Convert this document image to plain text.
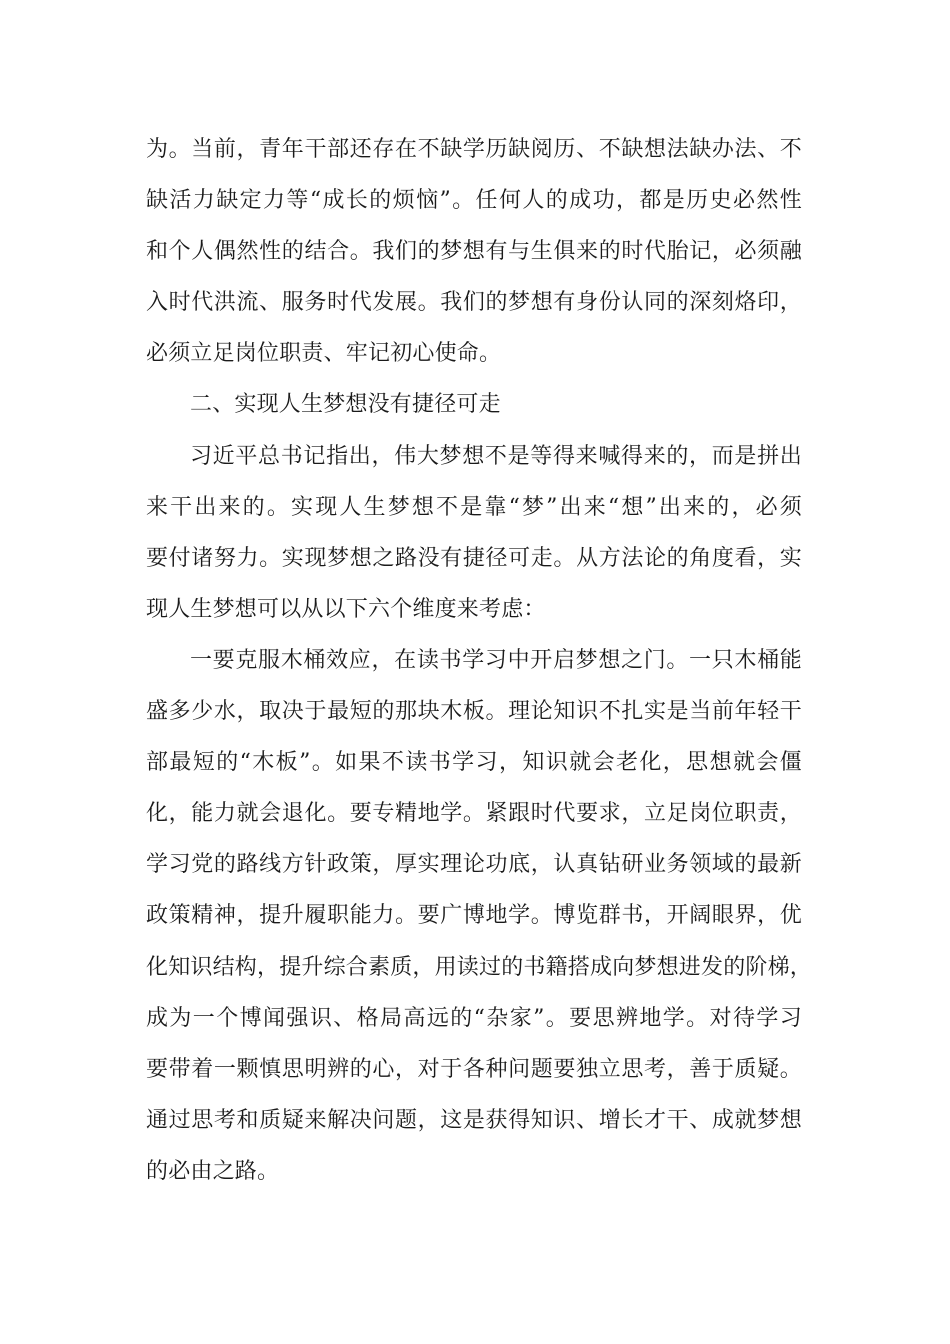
为。当前，青年干部还存在不缺学历缺阅历、不缺想法缺办法、不
缺活力缺定力等“成长的烦恼”。任何人的成功，都是历史必然性
和个人偶然性的结合。我们的梦想有与生俱来的时代胎记，必须融
入时代洪流、服务时代发展。我们的梦想有身份认同的深刻烙印，
必须立足岗位职责、牢记初心使命。
二、实现人生梦想没有捷径可走
习近平总书记指出，伟大梦想不是等得来喊得来的，而是拼出
来干出来的。实现人生梦想不是靠“梦”出来“想”出来的，必须
要付诸努力。实现梦想之路没有捷径可走。从方法论的角度看，实
现人生梦想可以从以下六个维度来考虑：
一要克服木桶效应，在读书学习中开启梦想之门。一只木桶能
盛多少水，取决于最短的那块木板。理论知识不扎实是当前年轻干
部最短的“木板”。如果不读书学习，知识就会老化，思想就会僵
化，能力就会退化。要专精地学。紧跟时代要求，立足岗位职责，
学习党的路线方针政策，厚实理论功底，认真钻研业务领域的最新
政策精神，提升履职能力。要广博地学。博览群书，开阔眼界，优
化知识结构，提升综合素质，用读过的书籍搭成向梦想进发的阶梯，
成为一个博闻强识、格局高远的“杂家”。要思辨地学。对待学习
要带着一颗慎思明辨的心，对于各种问题要独立思考，善于质疑。
通过思考和质疑来解决问题，这是获得知识、增长才干、成就梦想
的必由之路。
